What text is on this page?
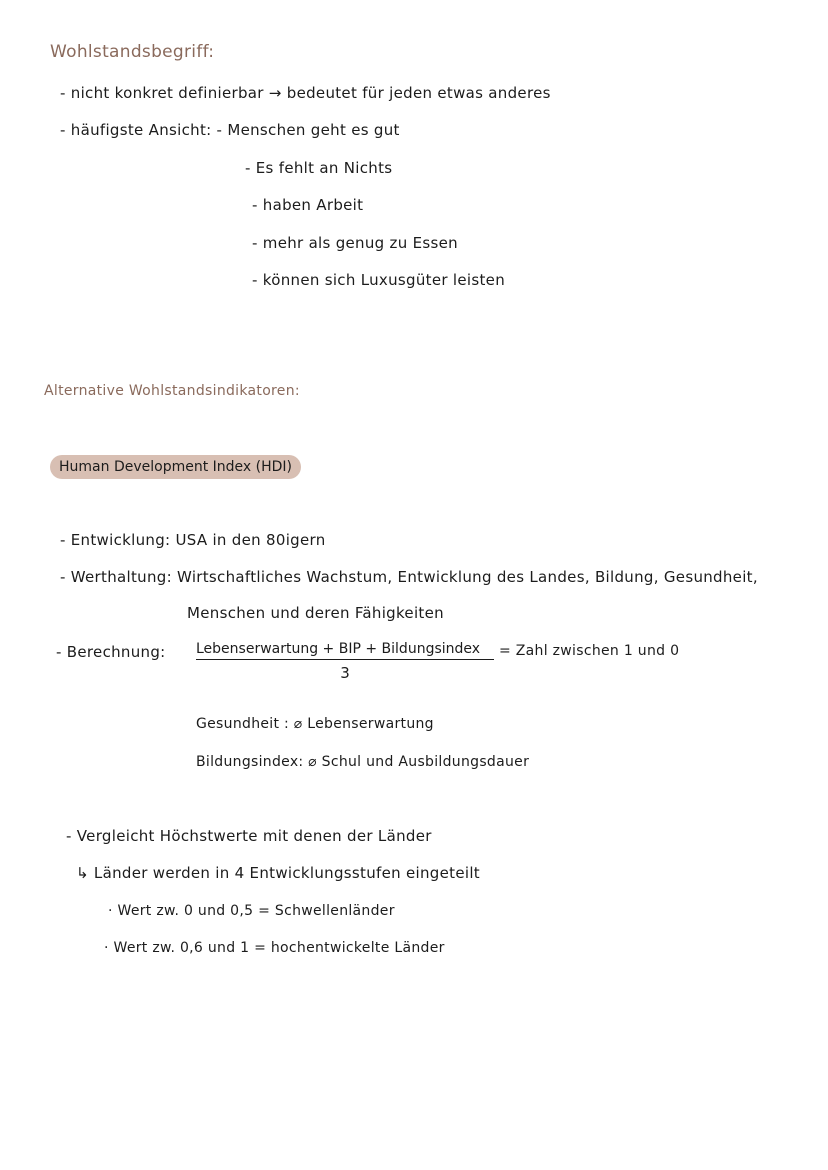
Wohlstandsbegriff:
- nicht konkret definierbar → bedeutet für jeden etwas anderes
- häufigste Ansicht: - Menschen geht es gut
- Es fehlt an Nichts
- haben Arbeit
- mehr als genug zu Essen
- können sich Luxusgüter leisten
Alternative Wohlstandsindikatoren:
Human Development Index (HDI)
- Entwicklung: USA in den 80igern
- Werthaltung: Wirtschaftliches Wachstum, Entwicklung des Landes, Bildung, Gesundheit,
Menschen und deren Fähigkeiten
- Berechnung: Lebenserwartung + BIP + Bildungsindex
3
= Zahl zwischen 1 und 0
Gesundheit : ⌀ Lebenserwartung
Bildungsindex: ⌀ Schul und Ausbildungsdauer
- Vergleicht Höchstwerte mit denen der Länder
↳ Länder werden in 4 Entwicklungsstufen eingeteilt
· Wert zw. 0 und 0,5 = Schwellenländer
· Wert zw. 0,6 und 1 = hochentwickelte Länder
